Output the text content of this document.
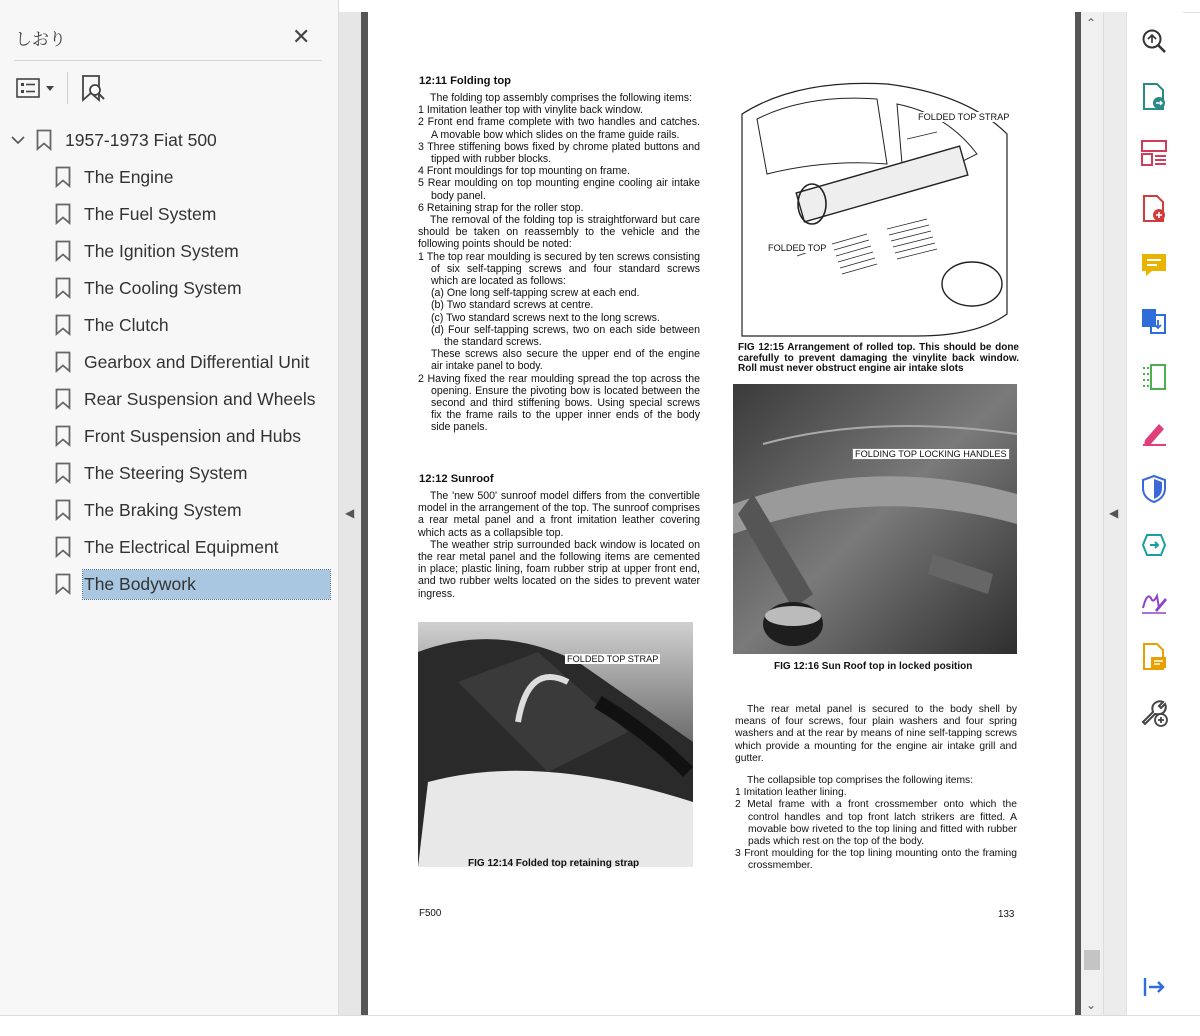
しおり	✕
1957-1973 Fiat 500
The Engine
The Fuel System
The Ignition System
The Cooling System
The Clutch
Gearbox and Differential Unit
Rear Suspension and Wheels
Front Suspension and Hubs
The Steering System
The Braking System
The Electrical Equipment
The Bodywork
◀
12:11 Folding top

The folding top assembly comprises the following items:

1 Imitation leather top with vinylite back window.

2 Front end frame complete with two handles and catches. A movable bow which slides on the frame guide rails.

3 Three stiffening bows fixed by chrome plated buttons and tipped with rubber blocks.

4 Front mouldings for top mounting on frame.

5 Rear moulding on top mounting engine cooling air intake body panel.

6 Retaining strap for the roller stop.

The removal of the folding top is straightforward but care should be taken on reassembly to the vehicle and the following points should be noted:

1 The top rear moulding is secured by ten screws consisting of six self-tapping screws and four standard screws which are located as follows:

(a) One long self-tapping screw at each end.

(b) Two standard screws at centre.

(c) Two standard screws next to the long screws.

(d) Four self-tapping screws, two on each side between the standard screws.

These screws also secure the upper end of the engine air intake panel to body.

2 Having fixed the rear moulding spread the top across the opening. Ensure the pivoting bow is located between the second and third stiffening bows. Using special screws fix the frame rails to the upper inner ends of the body side panels.

12:12 Sunroof

The 'new 500' sunroof model differs from the convertible model in the arrangement of the top. The sunroof comprises a rear metal panel and a front imitation leather covering which acts as a collapsible top.

The weather strip surrounded back window is located on the rear metal panel and the following items are cemented in place; plastic lining, foam rubber strip at upper front end, and two rubber welts located on the sides to prevent water ingress.

FOLDED TOP STRAP
FIG 12:14 Folded top retaining strap
FOLDED TOP STRAP
FOLDED TOP
FIG 12:15 Arrangement of rolled top. This should be done carefully to prevent damaging the vinylite back window. Roll must never obstruct engine air intake slots
FOLDING TOP LOCKING HANDLES
FIG 12:16 Sun Roof top in locked position

The rear metal panel is secured to the body shell by means of four screws, four plain washers and four spring washers and at the rear by means of nine self-tapping screws which provide a mounting for the engine air intake grill and gutter.

The collapsible top comprises the following items:

1 Imitation leather lining.

2 Metal frame with a front crossmember onto which the control handles and top front latch strikers are fitted. A movable bow riveted to the top lining and fitted with rubber pads which rest on the top of the body.

3 Front moulding for the top lining mounting onto the framing crossmember.

F500	133
⌃
⌄
◀
